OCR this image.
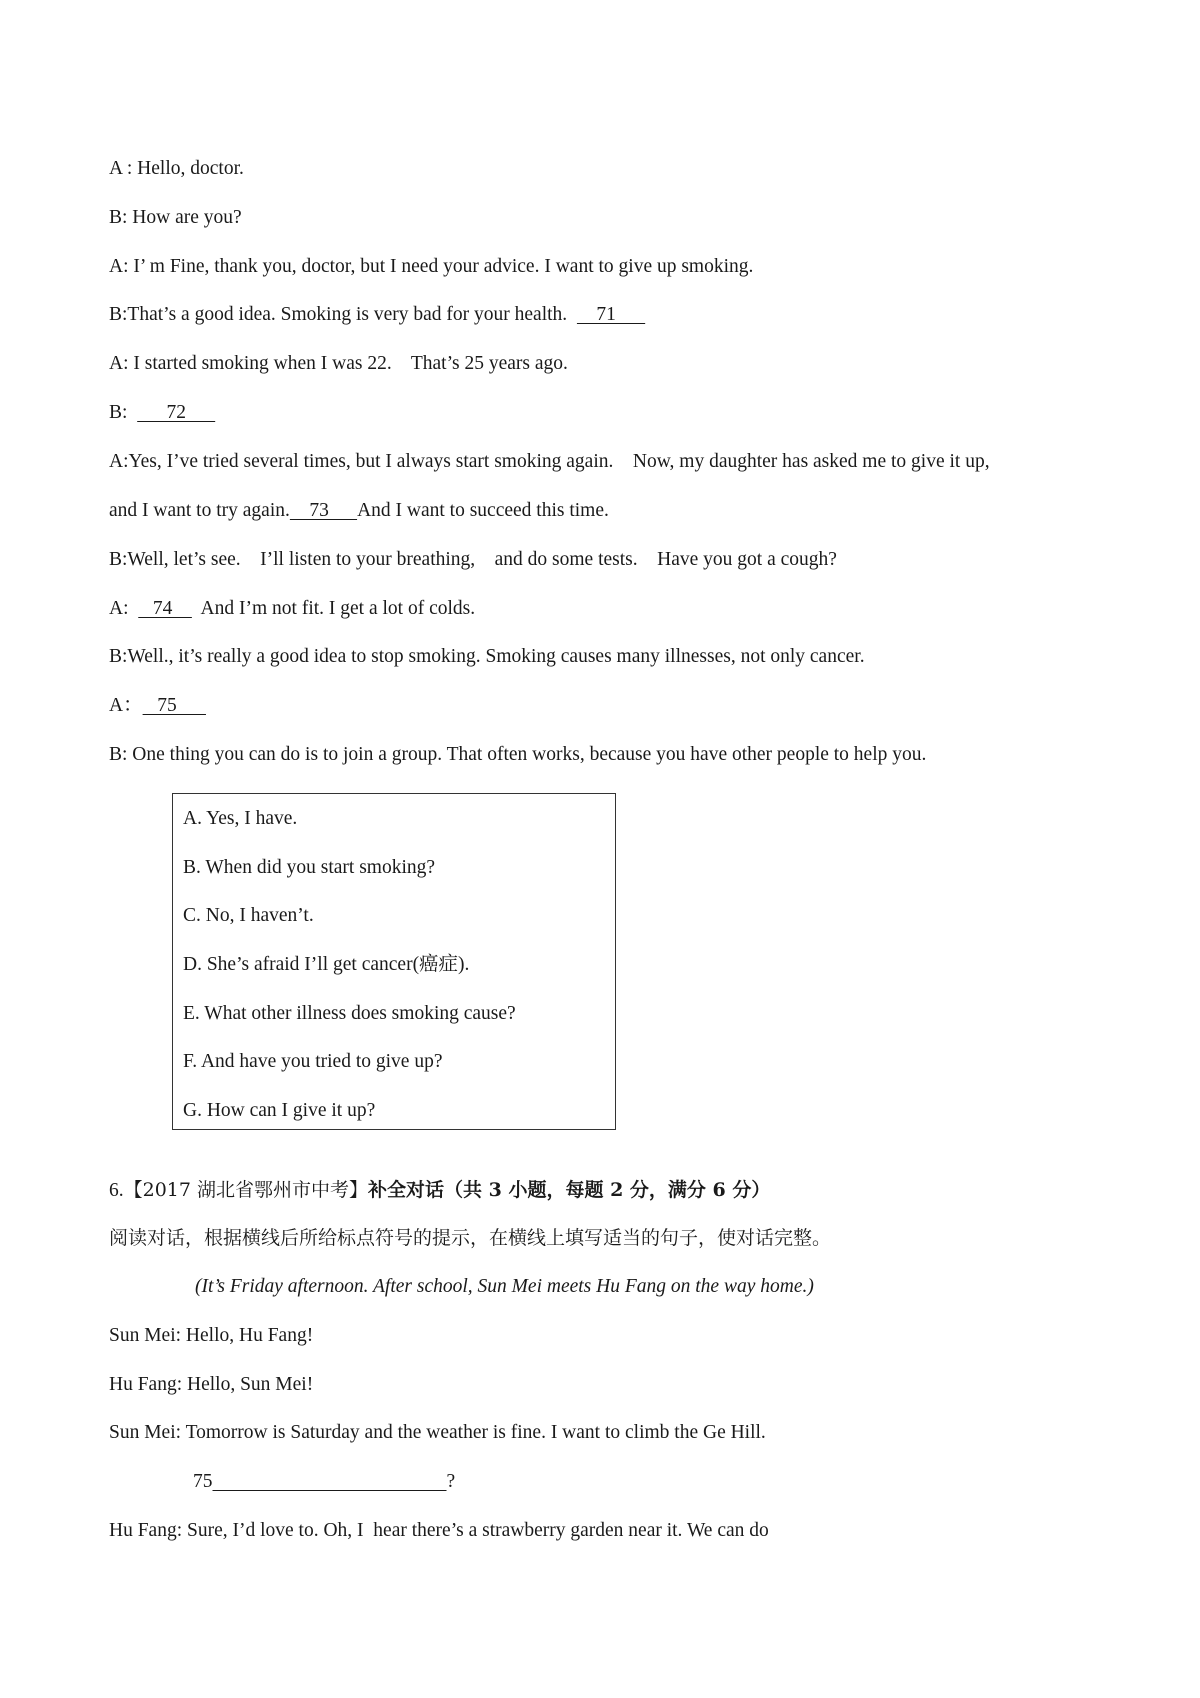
A : Hello, doctor.
B: How are you?
A: I’ m Fine, thank you, doctor, but I need your advice. I want to give up smoking.
B:That’s a good idea. Smoking is very bad for your health.      71
A: I started smoking when I was 22.    That’s 25 years ago.
B:        72
A:Yes, I’ve tried several times, but I always start smoking again.    Now, my daughter has asked me to give it up,
and I want to try again.    73      And I want to succeed this time.
B:Well, let’s see.    I’ll listen to your breathing,    and do some tests.    Have you got a cough?
A:     74      And I’m not fit. I get a lot of colds.
B:Well., it’s really a good idea to stop smoking. Smoking causes many illnesses, not only cancer.
A：   75
B: One thing you can do is to join a group. That often works, because you have other people to help you.
A. Yes, I have.
B. When did you start smoking?
C. No, I haven’t.
D. She’s afraid I’ll get cancer(癌症).
E. What other illness does smoking cause?
F. And have you tried to give up?
G. How can I give it up?
6.【2017 湖北省鄂州市中考】补全对话（共 3 小题，每题 2 分，满分 6 分）
阅读对话，根据横线后所给标点符号的提示，在横线上填写适当的句子，使对话完整。
(It’s Friday afternoon. After school, Sun Mei meets Hu Fang on the way home.)
Sun Mei: Hello, Hu Fang!
Hu Fang: Hello, Sun Mei!
Sun Mei: Tomorrow is Saturday and the weather is fine. I want to climb the Ge Hill.
75	?
Hu Fang: Sure, I’d love to. Oh, I  hear there’s a strawberry garden near it. We can do
